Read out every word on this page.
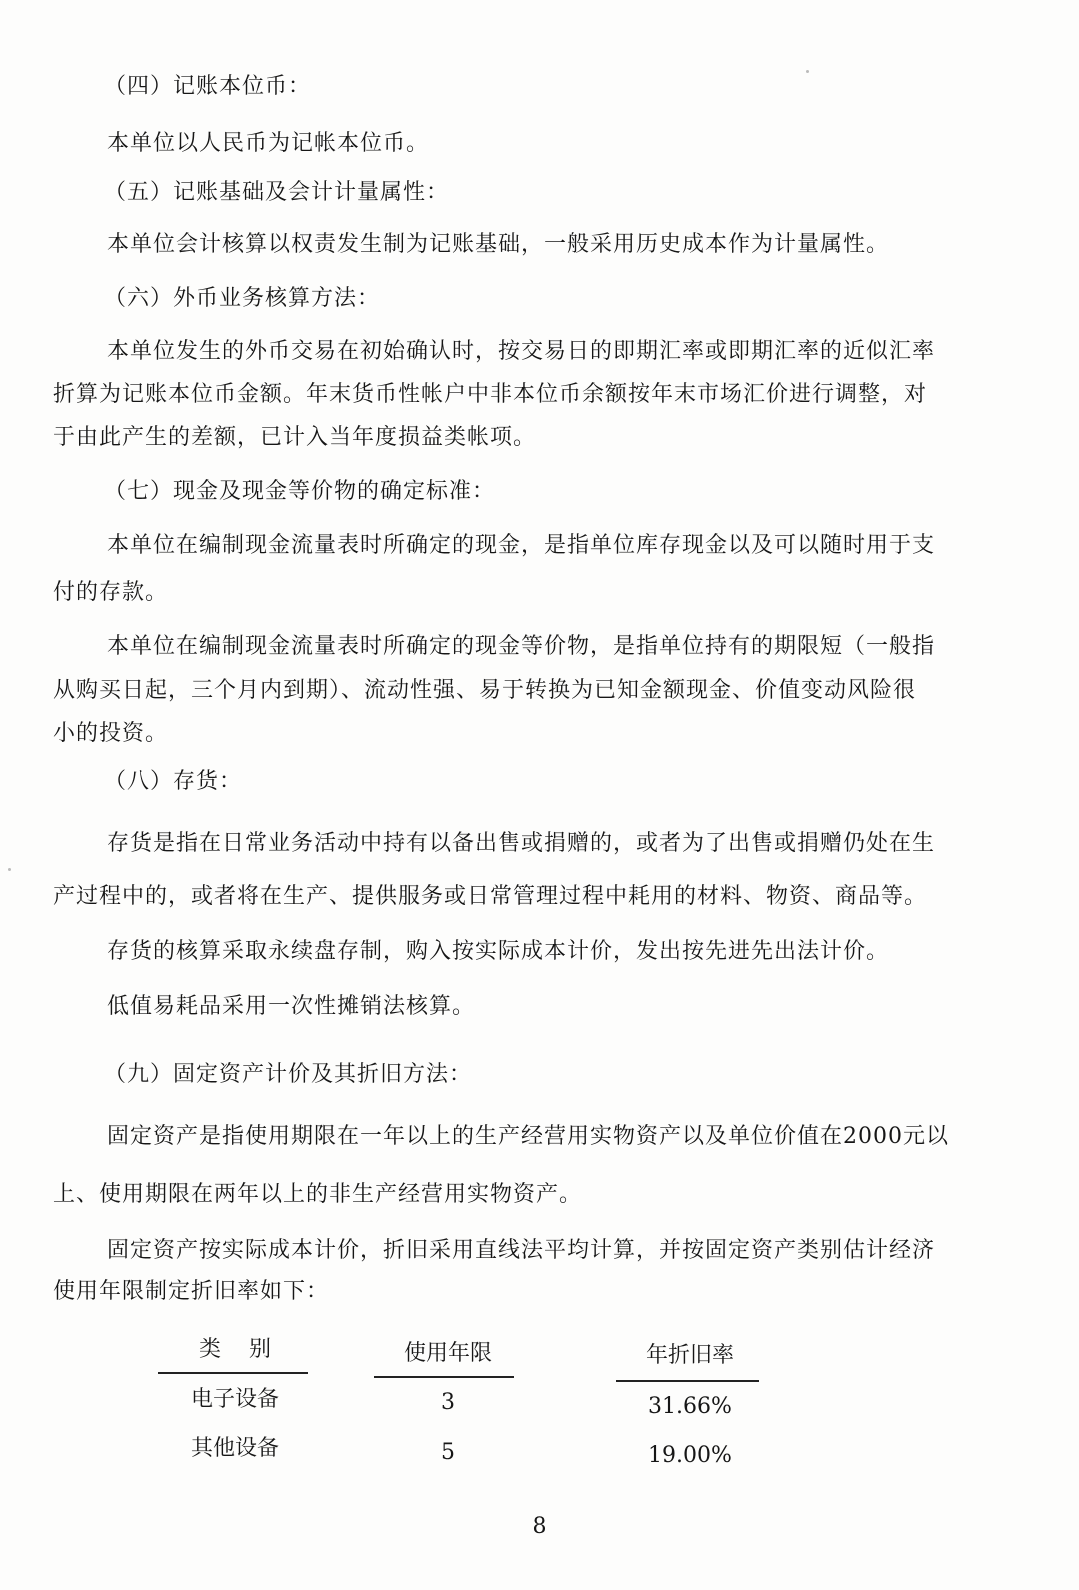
（四）记账本位币：
本单位以人民币为记帐本位币。
（五）记账基础及会计计量属性：
本单位会计核算以权责发生制为记账基础，一般采用历史成本作为计量属性。
（六）外币业务核算方法：
本单位发生的外币交易在初始确认时，按交易日的即期汇率或即期汇率的近似汇率
折算为记账本位币金额。年末货币性帐户中非本位币余额按年末市场汇价进行调整，对
于由此产生的差额，已计入当年度损益类帐项。
（七）现金及现金等价物的确定标准：
本单位在编制现金流量表时所确定的现金，是指单位库存现金以及可以随时用于支
付的存款。
本单位在编制现金流量表时所确定的现金等价物，是指单位持有的期限短（一般指
从购买日起，三个月内到期）、流动性强、易于转换为已知金额现金、价值变动风险很
小的投资。
（八）存货：
存货是指在日常业务活动中持有以备出售或捐赠的，或者为了出售或捐赠仍处在生
产过程中的，或者将在生产、提供服务或日常管理过程中耗用的材料、物资、商品等。
存货的核算采取永续盘存制，购入按实际成本计价，发出按先进先出法计价。
低值易耗品采用一次性摊销法核算。
（九）固定资产计价及其折旧方法：
固定资产是指使用期限在一年以上的生产经营用实物资产以及单位价值在2000元以
上、使用期限在两年以上的非生产经营用实物资产。
固定资产按实际成本计价，折旧采用直线法平均计算，并按固定资产类别估计经济
使用年限制定折旧率如下：
类    别	使用年限	年折旧率
电子设备	3	31.66%
其他设备	5	19.00%
8
